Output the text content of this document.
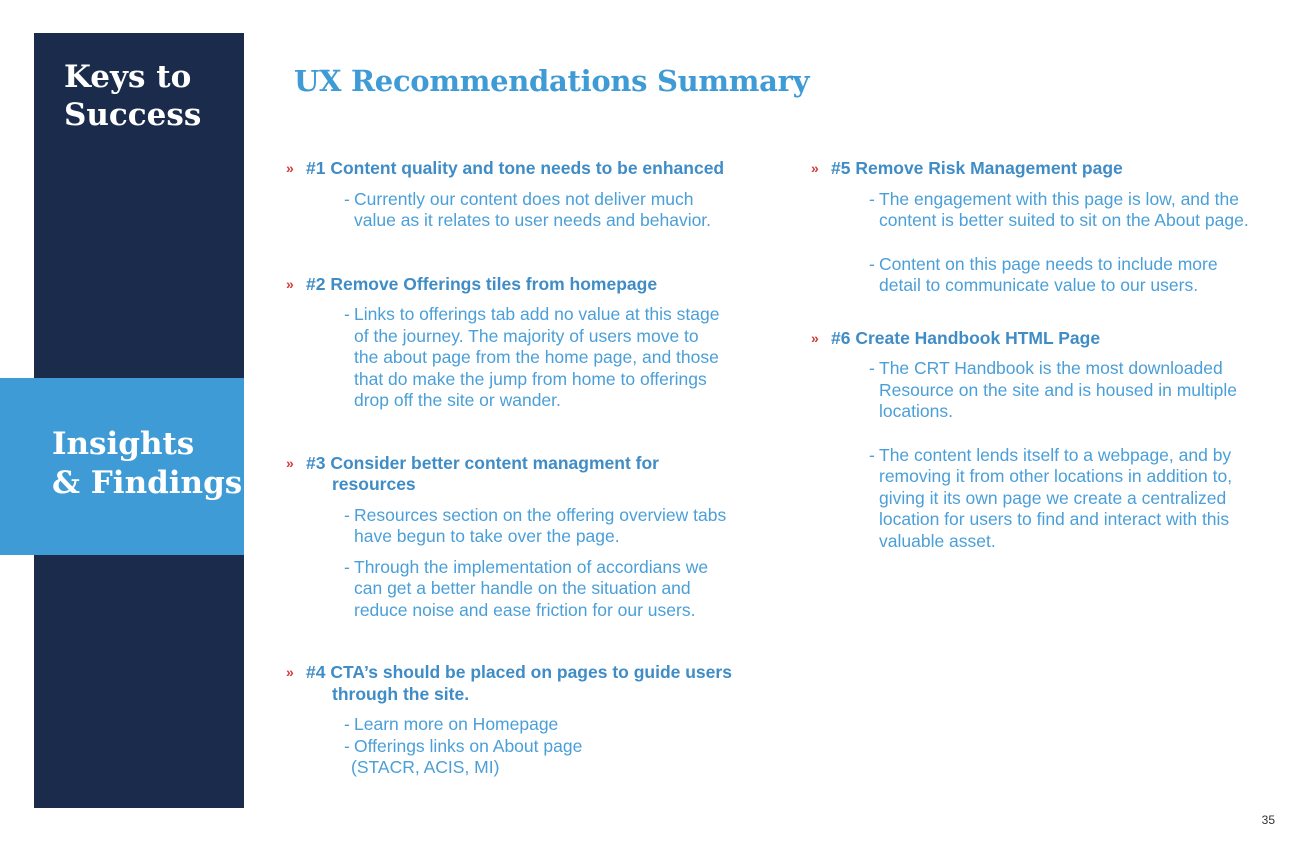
Keys to
Success
Insights
& Findings
UX Recommendations Summary
» #1 Content quality and tone needs to be enhanced

- Currently our content does not deliver much value as it relates to user needs and behavior.
» #2 Remove Offerings tiles from homepage

- Links to offerings tab add no value at this stage of the journey. The majority of users move to the about page from the home page, and those that do make the jump from home to offerings drop off the site or wander.
» #3 Consider better content managment for
resources

- Resources section on the offering overview tabs have begun to take over the page.
- Through the implementation of accordians we can get a better handle on the situation and reduce noise and ease friction for our users.
» #4 CTA’s should be placed on pages to guide users
through the site.

- Learn more on Homepage
- Offerings links on About page
(STACR, ACIS, MI)
» #5 Remove Risk Management page

- The engagement with this page is low, and the content is better suited to sit on the About page.
- Content on this page needs to include more detail to communicate value to our users.
» #6 Create Handbook HTML Page

- The CRT Handbook is the most downloaded Resource on the site and is housed in multiple locations.
- The content lends itself to a webpage, and by removing it from other locations in addition to, giving it its own page we create a centralized location for users to find and interact with this valuable asset.
35
